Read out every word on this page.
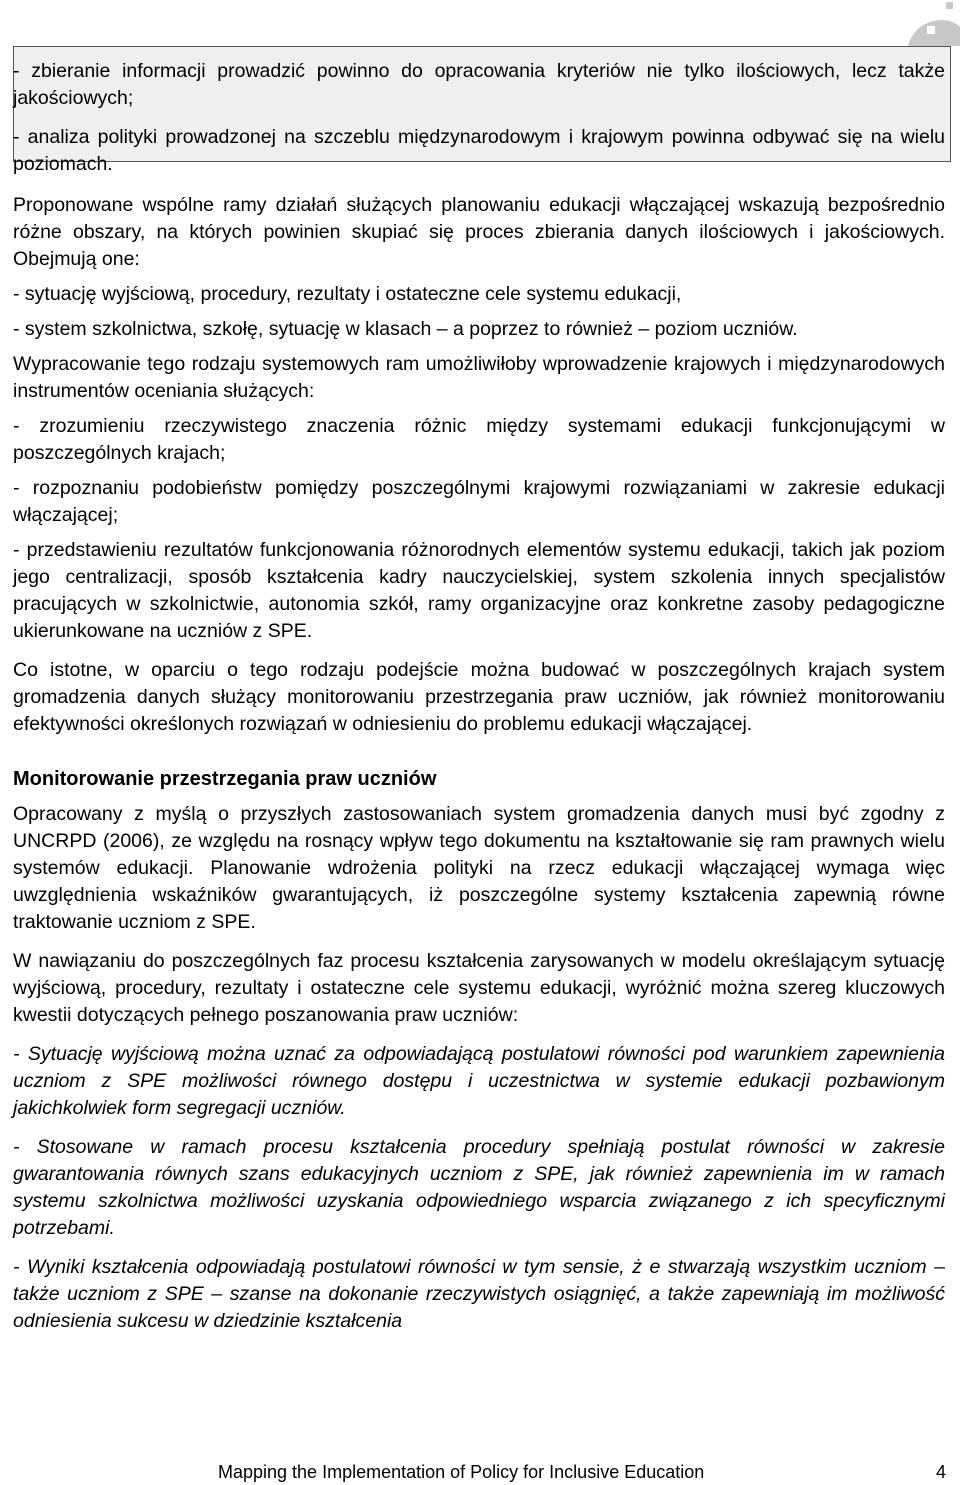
- zbieranie informacji prowadzić powinno do opracowania kryteriów nie tylko ilościowych, lecz także jakościowych;

- analiza polityki prowadzonej na szczeblu międzynarodowym i krajowym powinna odbywać się na wielu poziomach.

Proponowane wspólne ramy działań służących planowaniu edukacji włączającej wskazują bezpośrednio różne obszary, na których powinien skupiać się proces zbierania danych ilościowych i jakościowych. Obejmują one:

- sytuację wyjściową, procedury, rezultaty i ostateczne cele systemu edukacji,

- system szkolnictwa, szkołę, sytuację w klasach – a poprzez to również – poziom uczniów.

Wypracowanie tego rodzaju systemowych ram umożliwiłoby wprowadzenie krajowych i międzynarodowych instrumentów oceniania służących:

- zrozumieniu rzeczywistego znaczenia różnic między systemami edukacji funkcjonującymi w poszczególnych krajach;

- rozpoznaniu podobieństw pomiędzy poszczególnymi krajowymi rozwiązaniami w zakresie edukacji włączającej;

- przedstawieniu rezultatów funkcjonowania różnorodnych elementów systemu edukacji, takich jak poziom jego centralizacji, sposób kształcenia kadry nauczycielskiej, system szkolenia innych specjalistów pracujących w szkolnictwie, autonomia szkół, ramy organizacyjne oraz konkretne zasoby pedagogiczne ukierunkowane na uczniów z SPE.

Co istotne, w oparciu o tego rodzaju podejście można budować w poszczególnych krajach system gromadzenia danych służący monitorowaniu przestrzegania praw uczniów, jak również monitorowaniu efektywności określonych rozwiązań w odniesieniu do problemu edukacji włączającej.

Monitorowanie przestrzegania praw uczniów

Opracowany z myślą o przyszłych zastosowaniach system gromadzenia danych musi być zgodny z UNCRPD (2006), ze względu na rosnący wpływ tego dokumentu na kształtowanie się ram prawnych wielu systemów edukacji. Planowanie wdrożenia polityki na rzecz edukacji włączającej wymaga więc uwzględnienia wskaźników gwarantujących, iż poszczególne systemy kształcenia zapewnią równe traktowanie uczniom z SPE.

W nawiązaniu do poszczególnych faz procesu kształcenia zarysowanych w modelu określającym sytuację wyjściową, procedury, rezultaty i ostateczne cele systemu edukacji, wyróżnić można szereg kluczowych kwestii dotyczących pełnego poszanowania praw uczniów:

- Sytuację wyjściową można uznać za odpowiadającą postulatowi równości pod warunkiem zapewnienia uczniom z SPE możliwości równego dostępu i uczestnictwa w systemie edukacji pozbawionym jakichkolwiek form segregacji uczniów.

- Stosowane w ramach procesu kształcenia procedury spełniają postulat równości w zakresie gwarantowania równych szans edukacyjnych uczniom z SPE, jak również zapewnienia im w ramach systemu szkolnictwa możliwości uzyskania odpowiedniego wsparcia związanego z ich specyficznymi potrzebami.

- Wyniki kształcenia odpowiadają postulatowi równości w tym sensie, ż e stwarzają wszystkim uczniom – także uczniom z SPE – szanse na dokonanie rzeczywistych osiągnięć, a także zapewniają im możliwość odniesienia sukcesu w dziedzinie kształcenia

Mapping the Implementation of Policy for Inclusive Education	4
